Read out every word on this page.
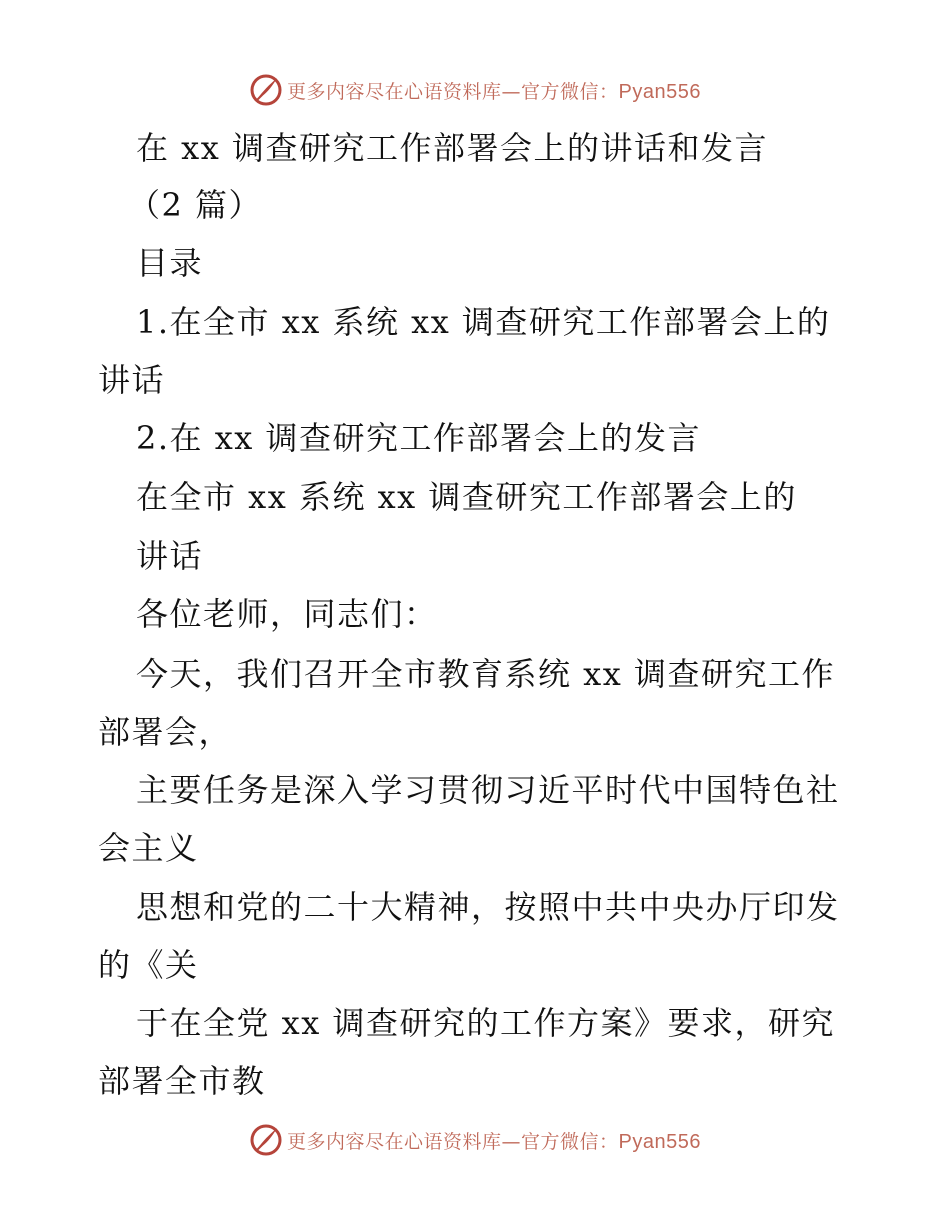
更多内容尽在心语资料库—官方微信：Pyan556
在 xx 调查研究工作部署会上的讲话和发言
（2 篇）
目录
1.在全市 xx 系统 xx 调查研究工作部署会上的
讲话
2.在 xx 调查研究工作部署会上的发言
在全市 xx 系统 xx 调查研究工作部署会上的
讲话
各位老师，同志们：
今天，我们召开全市教育系统 xx 调查研究工作
部署会，
主要任务是深入学习贯彻习近平时代中国特色社
会主义
思想和党的二十大精神，按照中共中央办厅印发
的《关
于在全党 xx 调查研究的工作方案》要求，研究
部署全市教
更多内容尽在心语资料库—官方微信：Pyan556
